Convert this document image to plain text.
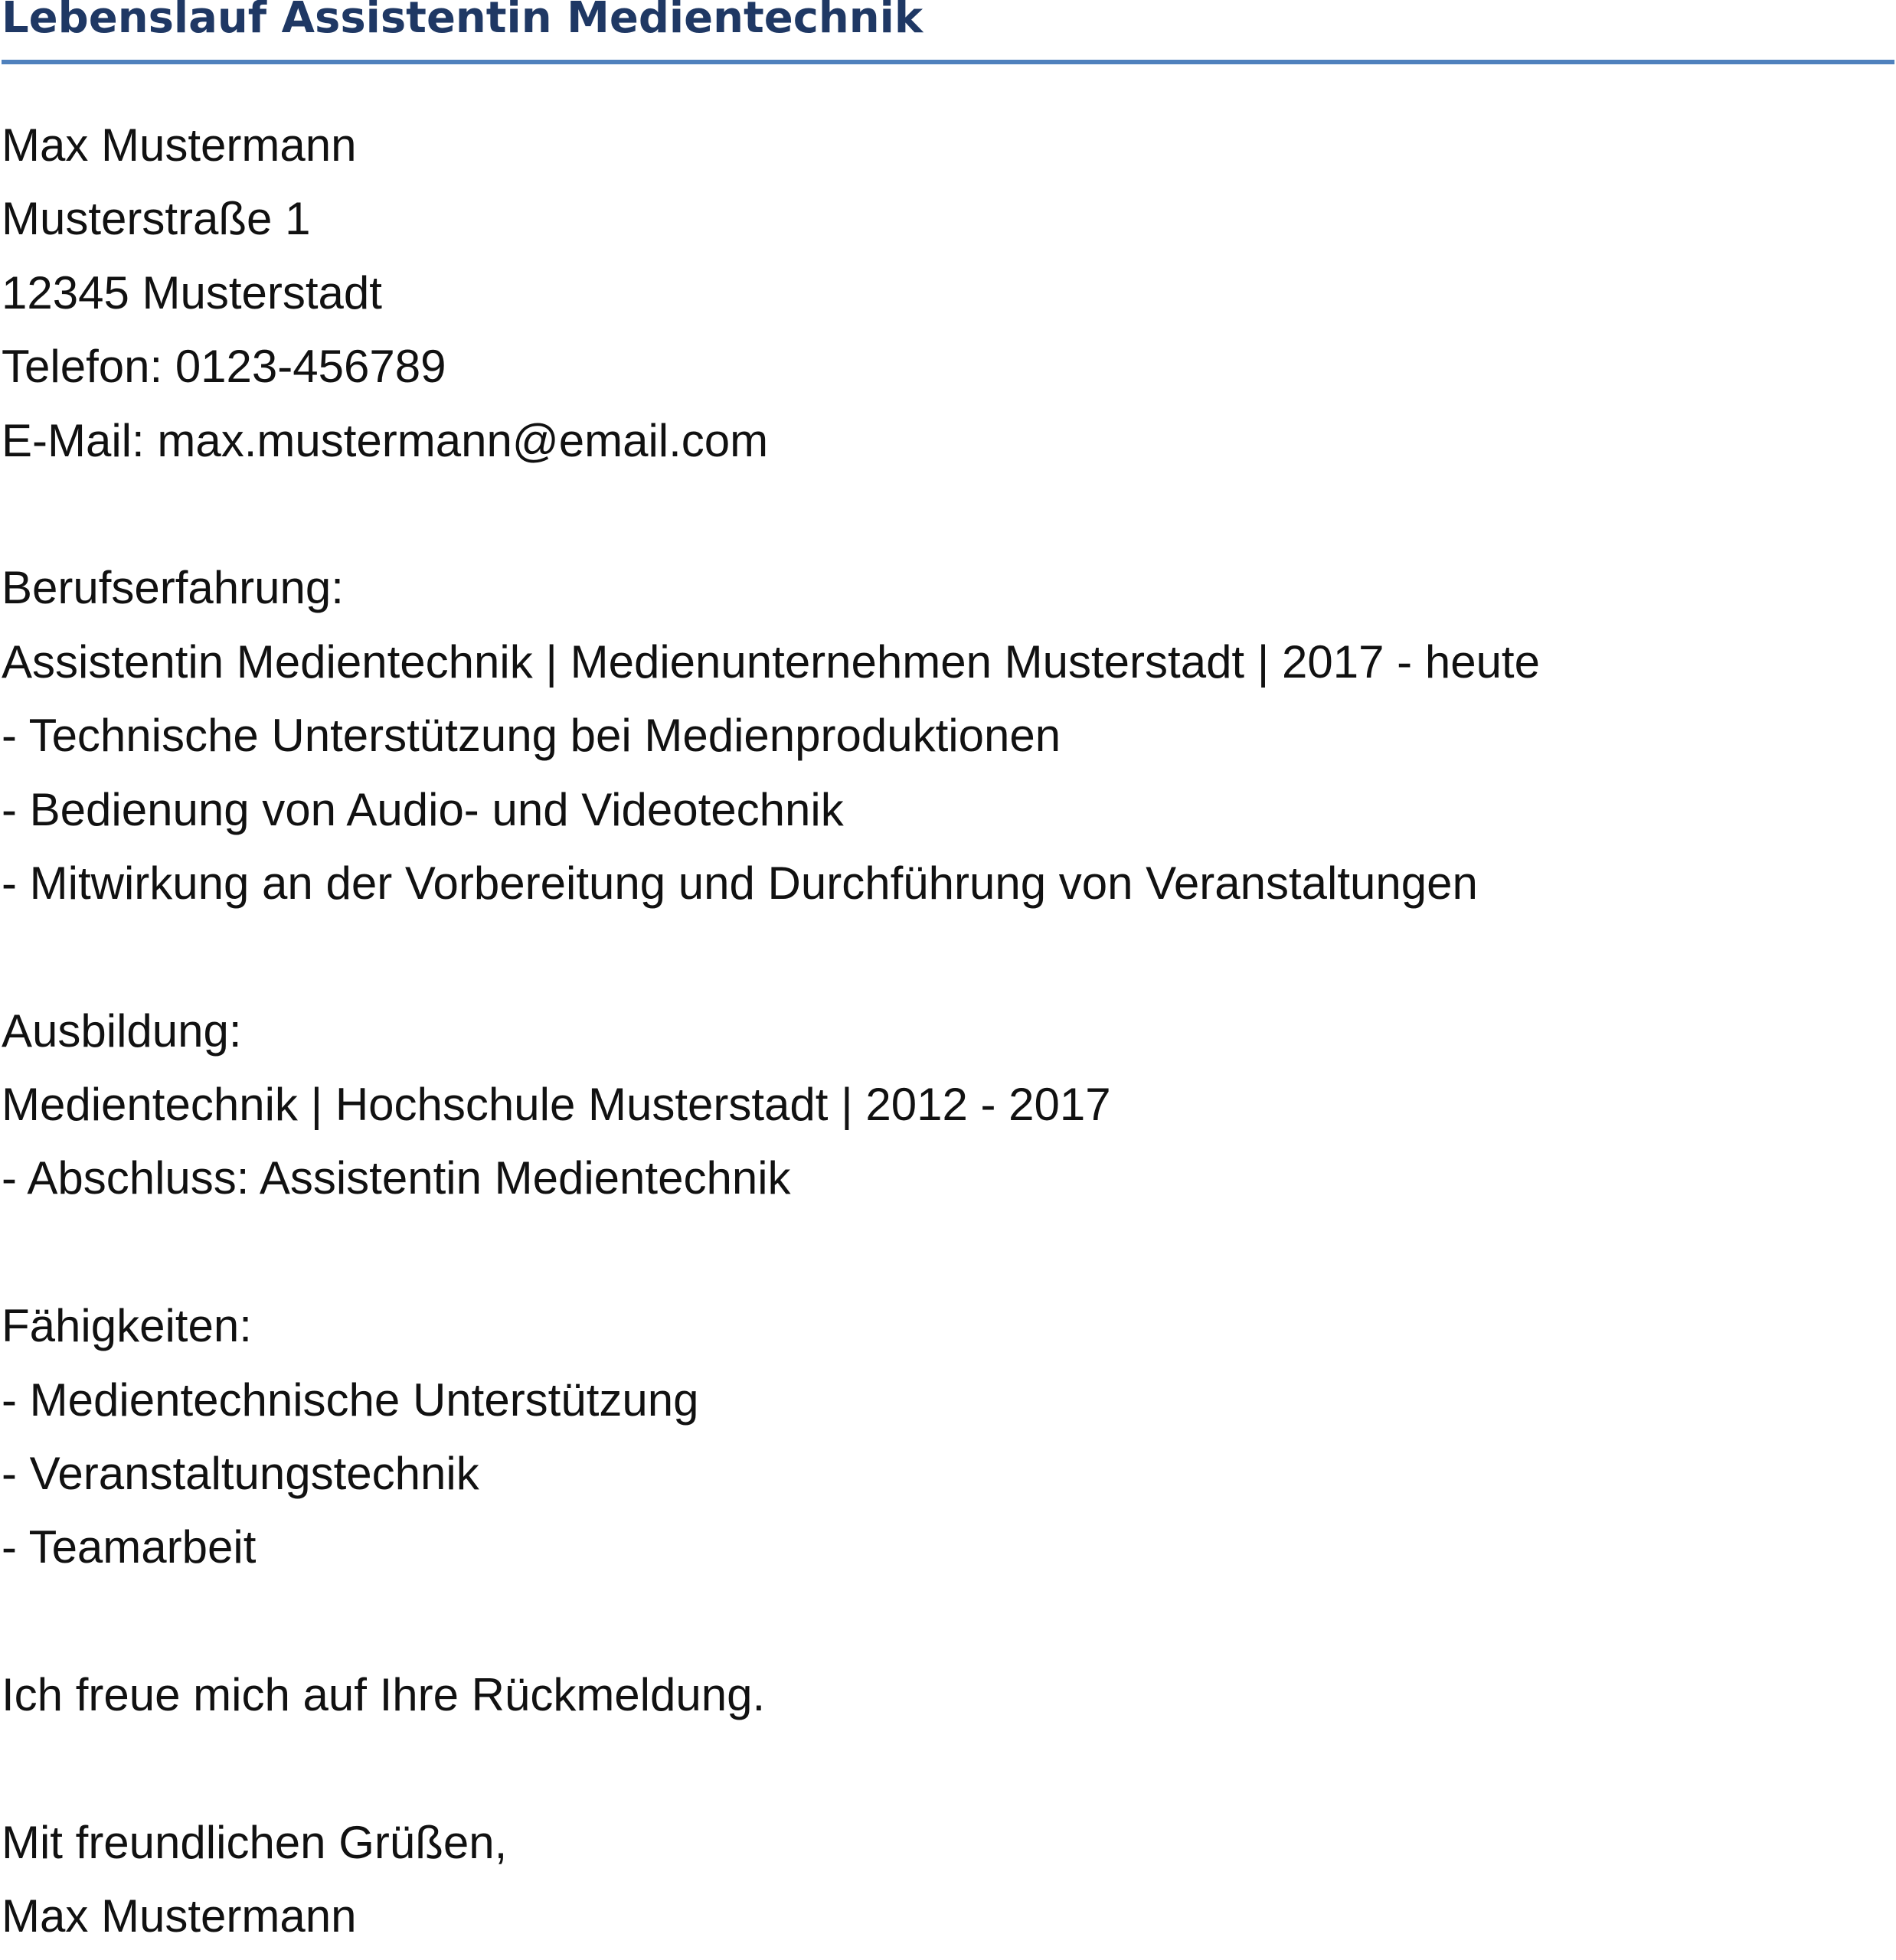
Lebenslauf Assistentin Medientechnik
Max Mustermann
Musterstraße 1
12345 Musterstadt
Telefon: 0123-456789
E-Mail: max.mustermann@email.com
Berufserfahrung:
Assistentin Medientechnik | Medienunternehmen Musterstadt | 2017 - heute
- Technische Unterstützung bei Medienproduktionen
- Bedienung von Audio- und Videotechnik
- Mitwirkung an der Vorbereitung und Durchführung von Veranstaltungen
Ausbildung:
Medientechnik | Hochschule Musterstadt | 2012 - 2017
- Abschluss: Assistentin Medientechnik
Fähigkeiten:
- Medientechnische Unterstützung
- Veranstaltungstechnik
- Teamarbeit
Ich freue mich auf Ihre Rückmeldung.
Mit freundlichen Grüßen,
Max Mustermann
